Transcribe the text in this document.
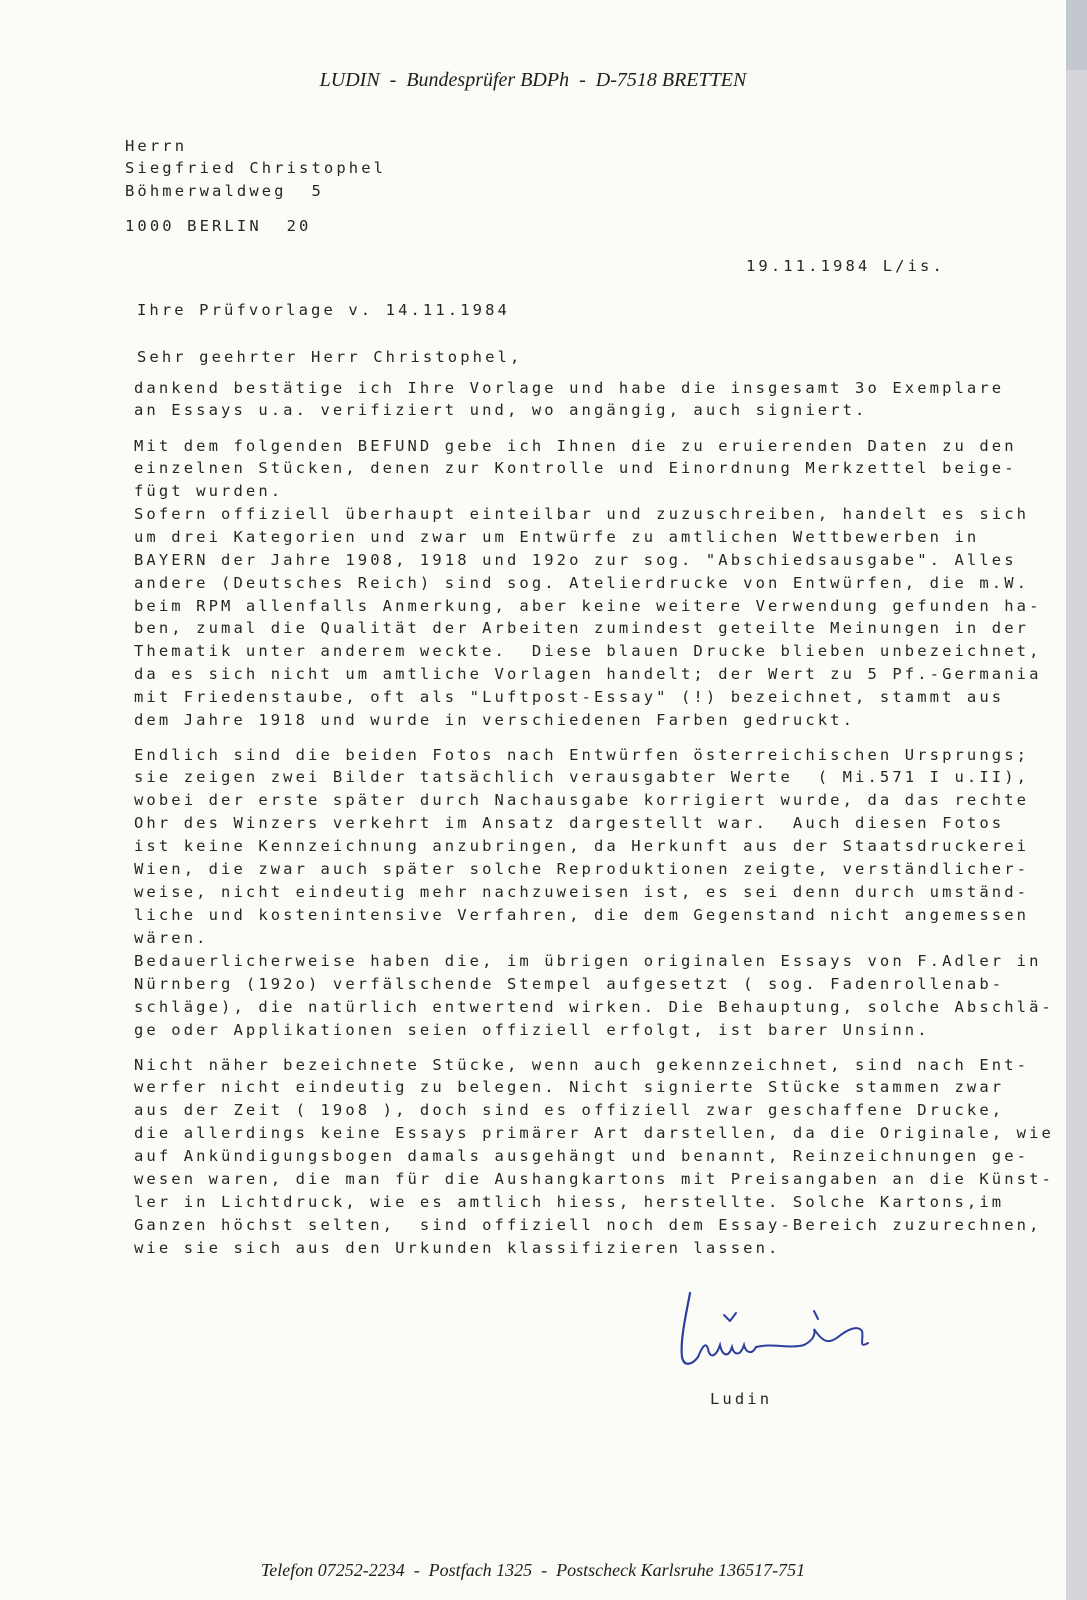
LUDIN  -  Bundesprüfer BDPh  -  D-7518 BRETTEN
Herrn
Siegfried Christophel
Böhmerwaldweg  5
1000 BERLIN  20
19.11.1984 L/is.
Ihre Prüfvorlage v. 14.11.1984
Sehr geehrter Herr Christophel,
dankend bestätige ich Ihre Vorlage und habe die insgesamt 3o Exemplare
an Essays u.a. verifiziert und, wo angängig, auch signiert.
Mit dem folgenden BEFUND gebe ich Ihnen die zu eruierenden Daten zu den
einzelnen Stücken, denen zur Kontrolle und Einordnung Merkzettel beige-
fügt wurden.
Sofern offiziell überhaupt einteilbar und zuzuschreiben, handelt es sich
um drei Kategorien und zwar um Entwürfe zu amtlichen Wettbewerben in
BAYERN der Jahre 1908, 1918 und 192o zur sog. "Abschiedsausgabe". Alles
andere (Deutsches Reich) sind sog. Atelierdrucke von Entwürfen, die m.W.
beim RPM allenfalls Anmerkung, aber keine weitere Verwendung gefunden ha-
ben, zumal die Qualität der Arbeiten zumindest geteilte Meinungen in der
Thematik unter anderem weckte.  Diese blauen Drucke blieben unbezeichnet,
da es sich nicht um amtliche Vorlagen handelt; der Wert zu 5 Pf.-Germania
mit Friedenstaube, oft als "Luftpost-Essay" (!) bezeichnet, stammt aus
dem Jahre 1918 und wurde in verschiedenen Farben gedruckt.
Endlich sind die beiden Fotos nach Entwürfen österreichischen Ursprungs;
sie zeigen zwei Bilder tatsächlich verausgabter Werte  ( Mi.571 I u.II),
wobei der erste später durch Nachausgabe korrigiert wurde, da das rechte
Ohr des Winzers verkehrt im Ansatz dargestellt war.  Auch diesen Fotos
ist keine Kennzeichnung anzubringen, da Herkunft aus der Staatsdruckerei
Wien, die zwar auch später solche Reproduktionen zeigte, verständlicher-
weise, nicht eindeutig mehr nachzuweisen ist, es sei denn durch umständ-
liche und kostenintensive Verfahren, die dem Gegenstand nicht angemessen
wären.
Bedauerlicherweise haben die, im übrigen originalen Essays von F.Adler in
Nürnberg (192o) verfälschende Stempel aufgesetzt ( sog. Fadenrollenab-
schläge), die natürlich entwertend wirken. Die Behauptung, solche Abschlä-
ge oder Applikationen seien offiziell erfolgt, ist barer Unsinn.
Nicht näher bezeichnete Stücke, wenn auch gekennzeichnet, sind nach Ent-
werfer nicht eindeutig zu belegen. Nicht signierte Stücke stammen zwar
aus der Zeit ( 19o8 ), doch sind es offiziell zwar geschaffene Drucke,
die allerdings keine Essays primärer Art darstellen, da die Originale, wie
auf Ankündigungsbogen damals ausgehängt und benannt, Reinzeichnungen ge-
wesen waren, die man für die Aushangkartons mit Preisangaben an die Künst-
ler in Lichtdruck, wie es amtlich hiess, herstellte. Solche Kartons,im
Ganzen höchst selten,  sind offiziell noch dem Essay-Bereich zuzurechnen,
wie sie sich aus den Urkunden klassifizieren lassen.
Ludin
Telefon 07252-2234  -  Postfach 1325  -  Postscheck Karlsruhe 136517-751
